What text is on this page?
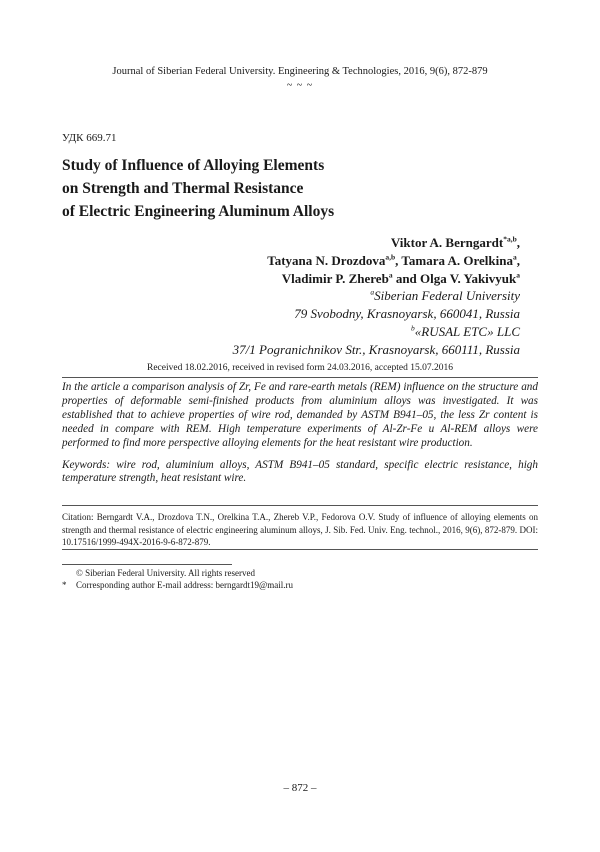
Journal of Siberian Federal University. Engineering & Technologies, 2016, 9(6), 872-879
~ ~ ~
УДК 669.71
Study of Influence of Alloying Elements
on Strength and Thermal Resistance
of Electric Engineering Aluminum Alloys
Viktor A. Berngardt$^{*a,b}$,
Tatyana N. Drozdova$^{a,b}$, Tamara A. Orelkina$^a$,
Vladimir P. Zhereb$^a$ and Olga V. Yakivyuk$^a$
$^a$Siberian Federal University
79 Svobodny, Krasnoyarsk, 660041, Russia
$^b$«RUSAL ETC» LLC
37/1 Pogranichnikov Str., Krasnoyarsk, 660111, Russia
Received 18.02.2016, received in revised form 24.03.2016, accepted 15.07.2016

In the article a comparison analysis of Zr, Fe and rare-earth metals (REM) influence on the structure and properties of deformable semi-finished products from aluminium alloys was investigated. It was established that to achieve properties of wire rod, demanded by ASTM B941–05, the less Zr content is needed in compare with REM. High temperature experiments of Al-Zr-Fe и Al-REM alloys were performed to find more perspective alloying elements for the heat resistant wire production.

Keywords: wire rod, aluminium alloys, ASTM B941–05 standard, specific electric resistance, high temperature strength, heat resistant wire.

Citation: Berngardt V.A., Drozdova T.N., Orelkina T.A., Zhereb V.P., Fedorova O.V. Study of influence of alloying elements on strength and thermal resistance of electric engineering aluminum alloys, J. Sib. Fed. Univ. Eng. technol., 2016, 9(6), 872-879. DOI: 10.17516/1999-494X-2016-9-6-872-879.
© Siberian Federal University. All rights reserved
* Corresponding author E-mail address: berngardt19@mail.ru
– 872 –
